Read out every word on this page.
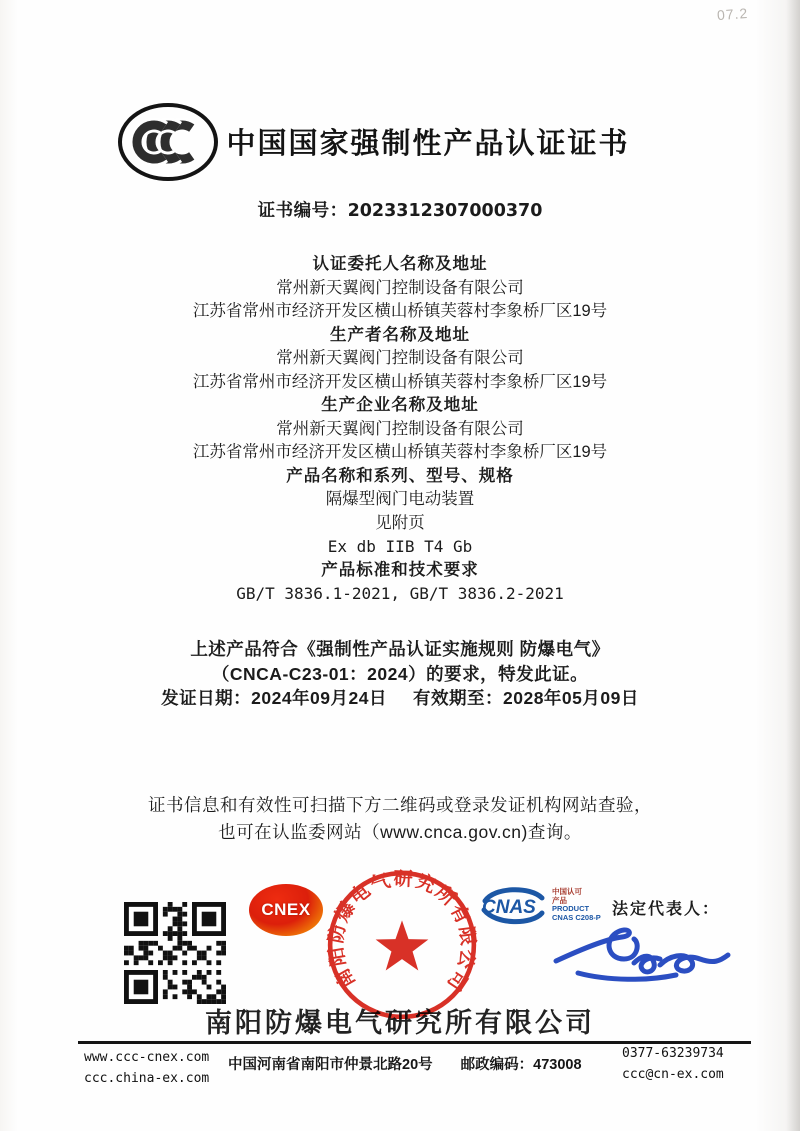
07.2
中国国家强制性产品认证证书
证书编号：2023312307000370
认证委托人名称及地址
常州新天翼阀门控制设备有限公司
江苏省常州市经济开发区横山桥镇芙蓉村李象桥厂区19号
生产者名称及地址
常州新天翼阀门控制设备有限公司
江苏省常州市经济开发区横山桥镇芙蓉村李象桥厂区19号
生产企业名称及地址
常州新天翼阀门控制设备有限公司
江苏省常州市经济开发区横山桥镇芙蓉村李象桥厂区19号
产品名称和系列、型号、规格
隔爆型阀门电动装置
见附页
Ex db IIB T4 Gb
产品标准和技术要求
GB/T 3836.1-2021, GB/T 3836.2-2021
上述产品符合《强制性产品认证实施规则 防爆电气》
（CNCA-C23-01：2024）的要求，特发此证。
发证日期：2024年09月24日 有效期至：2028年05月09日
证书信息和有效性可扫描下方二维码或登录发证机构网站查验，
也可在认监委网站（www.cnca.gov.cn)查询。
CNEX
南阳防爆电气研究所有限公司
CNAS
中国认可
产品
PRODUCT
CNAS C208-P 法定代表人：
南阳防爆电气研究所有限公司
www.ccc-cnex.com
ccc.china-ex.com
中国河南省南阳市仲景北路20号 邮政编码：473008
0377-63239734
ccc@cn-ex.com
